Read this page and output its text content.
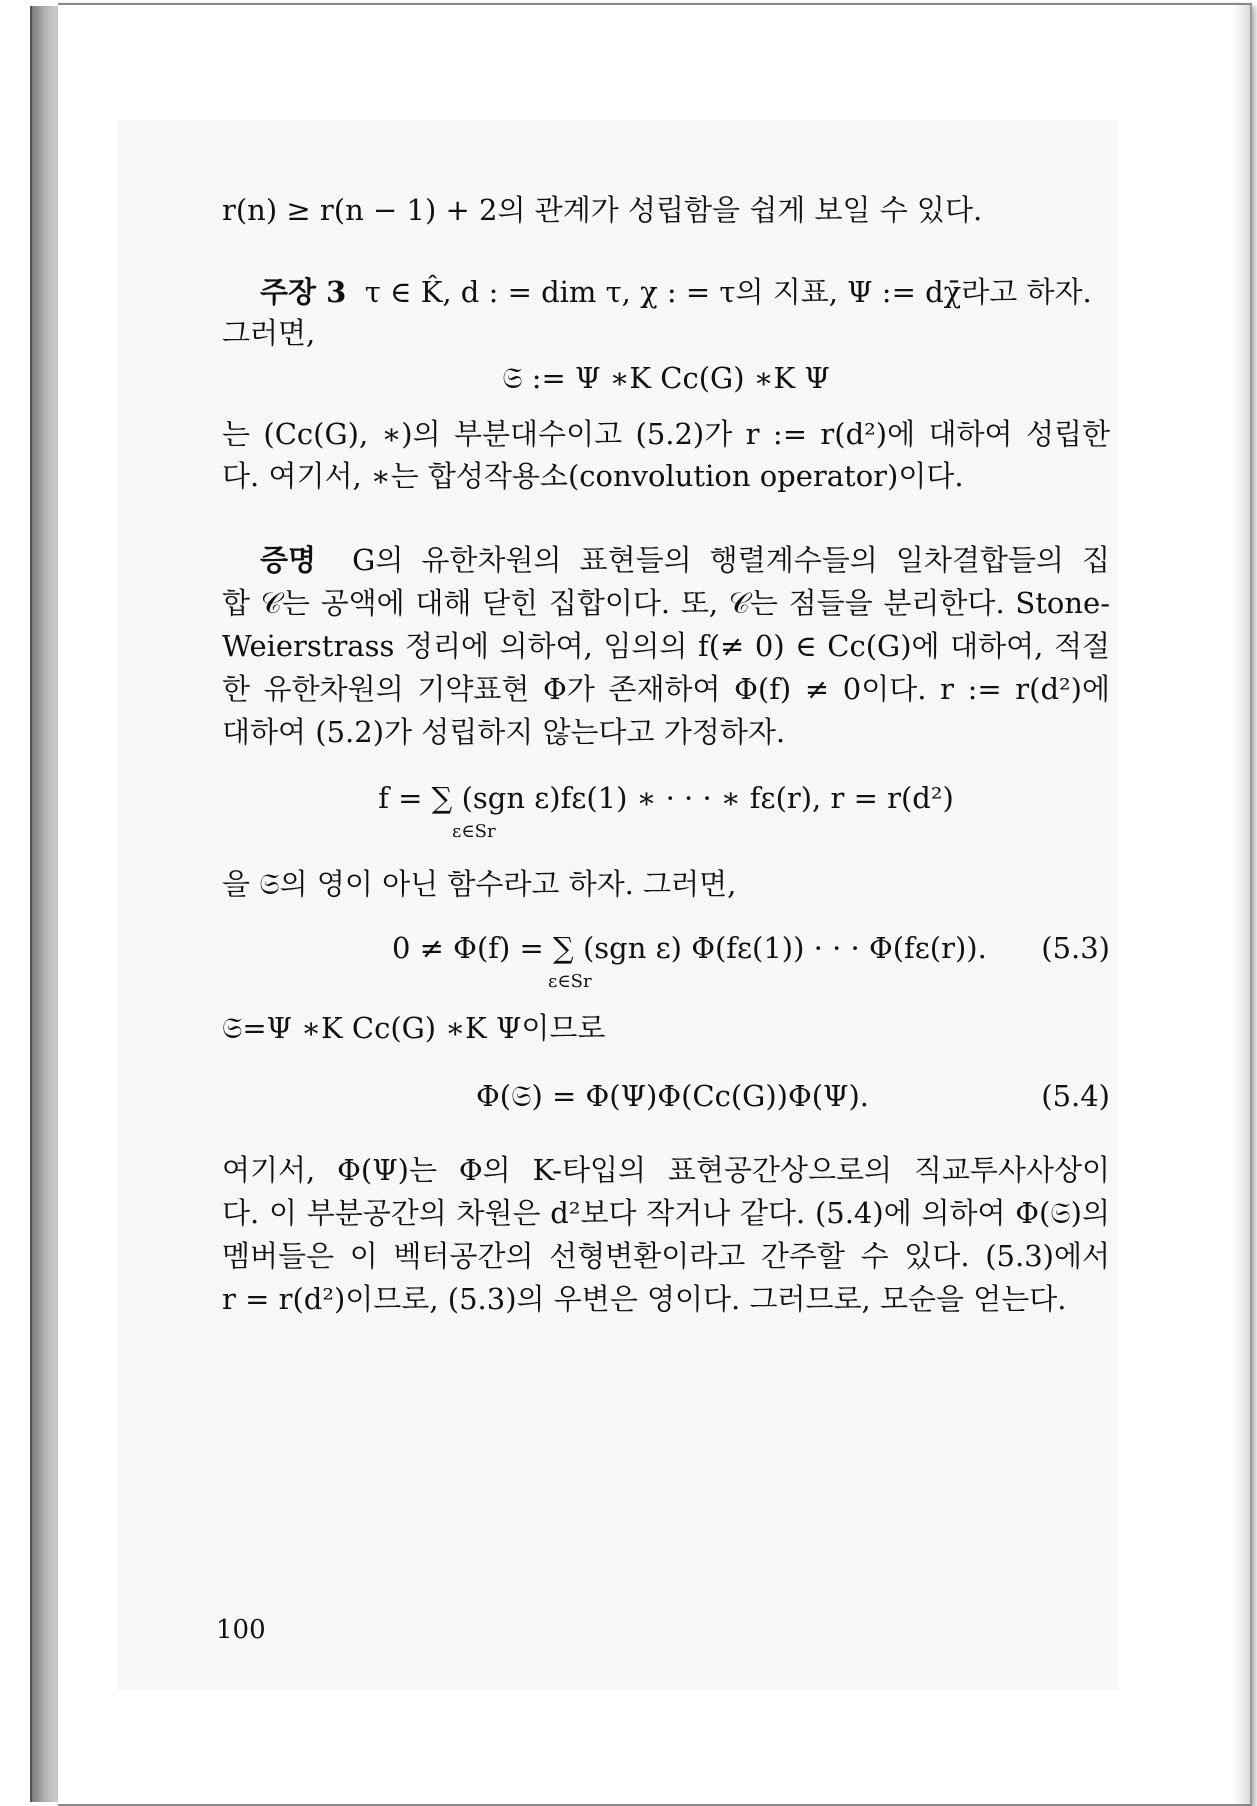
r(n) ≥ r(n − 1) + 2의 관계가 성립함을 쉽게 보일 수 있다.
주장 3 τ ∈ K̂, d : = dim τ, χ : = τ의 지표, Ψ := dχ̄라고 하자.
그러면,
𝔖 := Ψ ∗K Cc(G) ∗K Ψ
는 (Cc(G), ∗)의 부분대수이고 (5.2)가 r := r(d²)에 대하여 성립한
다. 여기서, ∗는 합성작용소(convolution operator)이다.
증명 G의 유한차원의 표현들의 행렬계수들의 일차결합들의 집
합 𝒞는 공액에 대해 닫힌 집합이다. 또, 𝒞는 점들을 분리한다. Stone-
Weierstrass 정리에 의하여, 임의의 f(≠ 0) ∈ Cc(G)에 대하여, 적절
한 유한차원의 기약표현 Φ가 존재하여 Φ(f) ≠ 0이다. r := r(d²)에
대하여 (5.2)가 성립하지 않는다고 가정하자.
f = ∑ (sgn ε)fε(1) ∗ · · · ∗ fε(r), r = r(d²)
ε∈Sr
을 𝔖의 영이 아닌 함수라고 하자. 그러면,
0 ≠ Φ(f) = ∑ (sgn ε) Φ(fε(1)) · · · Φ(fε(r)). (5.3)
ε∈Sr
𝔖=Ψ ∗K Cc(G) ∗K Ψ이므로
Φ(𝔖) = Φ(Ψ)Φ(Cc(G))Φ(Ψ).	(5.4)
여기서, Φ(Ψ)는 Φ의 K-타입의 표현공간상으로의 직교투사사상이
다. 이 부분공간의 차원은 d²보다 작거나 같다. (5.4)에 의하여 Φ(𝔖)의
멤버들은 이 벡터공간의 선형변환이라고 간주할 수 있다. (5.3)에서
r = r(d²)이므로, (5.3)의 우변은 영이다. 그러므로, 모순을 얻는다.
100
